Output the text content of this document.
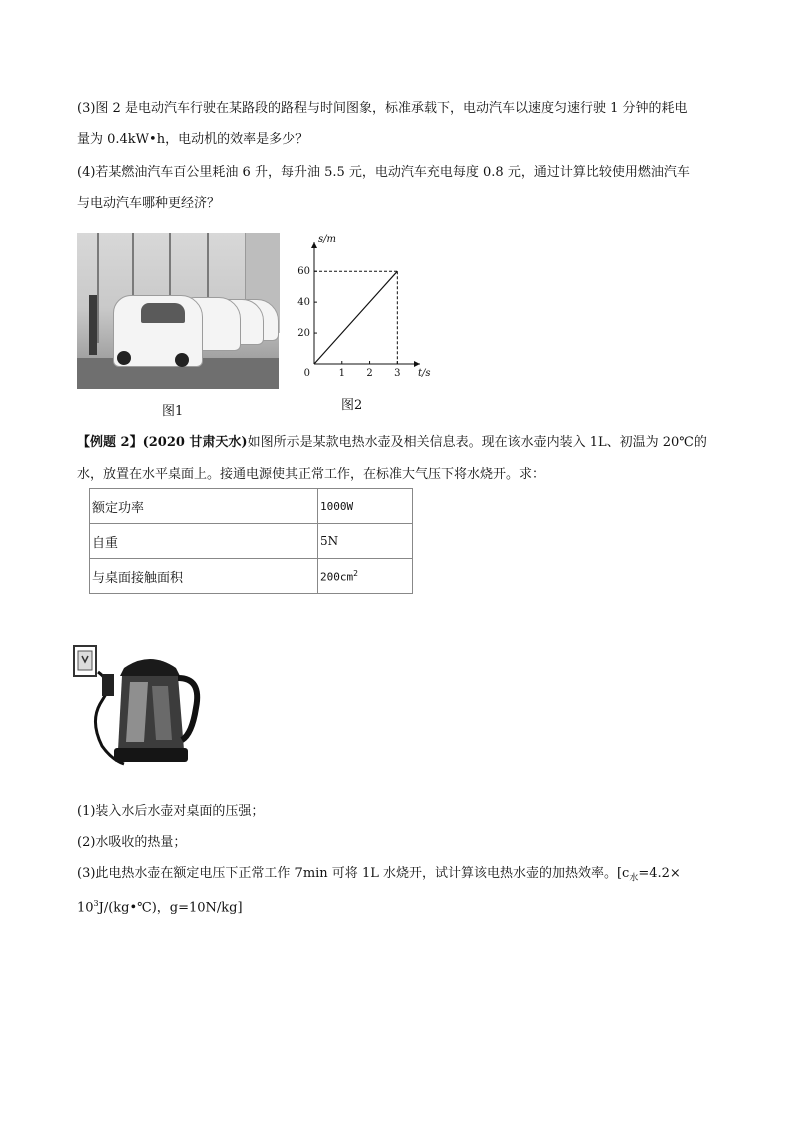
(3)图 2 是电动汽车行驶在某路段的路程与时间图象，标准承载下，电动汽车以速度匀速行驶 1 分钟的耗电
量为 0.4kW•h，电动机的效率是多少？
(4)若某燃油汽车百公里耗油 6 升，每升油 5.5 元，电动汽车充电每度 0.8 元，通过计算比较使用燃油汽车
与电动汽车哪种更经济？
图1
1 2 3
20
40
60
0	t/s
s/m
图2
【例题 2】(2020 甘肃天水)如图所示是某款电热水壶及相关信息表。现在该水壶内装入 1L、初温为 20℃的
水，放置在水平桌面上。接通电源使其正常工作，在标准大气压下将水烧开。求：
额定功率	1000W
自重	5N
与桌面接触面积	$200cm^2$
(1)装入水后水壶对桌面的压强；
(2)水吸收的热量；
(3)此电热水壶在额定电压下正常工作 7min 可将 1L 水烧开，试计算该电热水壶的加热效率。[$c_水=4.2\times$
$10^3J/(kg•℃)$，g=10N/kg]
